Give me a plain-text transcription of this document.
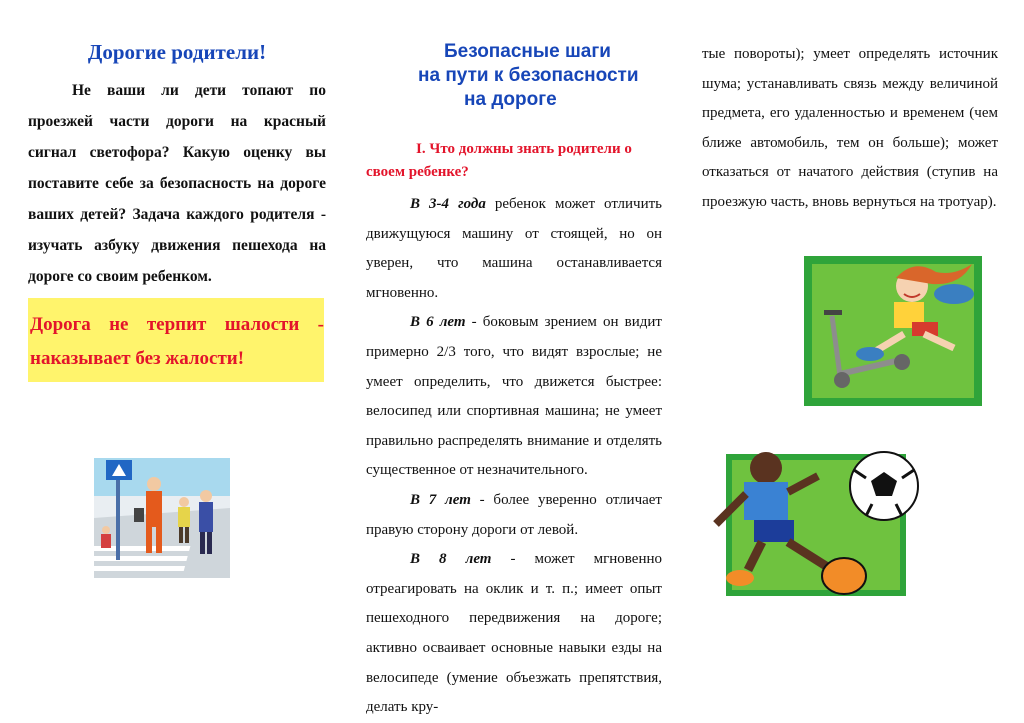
Дорогие родители!
Не ваши ли дети топают по проезжей части дороги на красный сигнал светофора? Какую оценку вы поставите себе за безопасность на дороге ваших детей? Задача каждого родителя - изучать азбуку движения пешехода на дороге со своим ребенком.
Дорога не терпит шалости - наказывает без жалости!
Безопасные шаги
на пути к безопасности
на дороге
I. Что должны знать родители о своем ребенке?

В 3-4 года ребенок может отличить движущуюся машину от стоящей, но он уверен, что машина останавливается мгновенно.

В 6 лет - боковым зрением он видит примерно 2/3 того, что видят взрослые; не умеет определить, что движется быстрее: велосипед или спортивная машина; не умеет правильно распределять внимание и отделять существенное от незначительного.

В 7 лет - более уверенно отличает правую сторону дороги от левой.

В 8 лет - может мгновенно отреагировать на оклик и т. п.; имеет опыт пешеходного передвижения на дороге; активно осваивает основные навыки езды на велосипеде (умение объезжать препятствия, делать кру-

тые повороты); умеет определять источник шума; устанавливать связь между величиной предмета, его удаленностью и временем (чем ближе автомобиль, тем он больше); может отказаться от начатого действия (ступив на проезжую часть, вновь вернуться на тротуар).
